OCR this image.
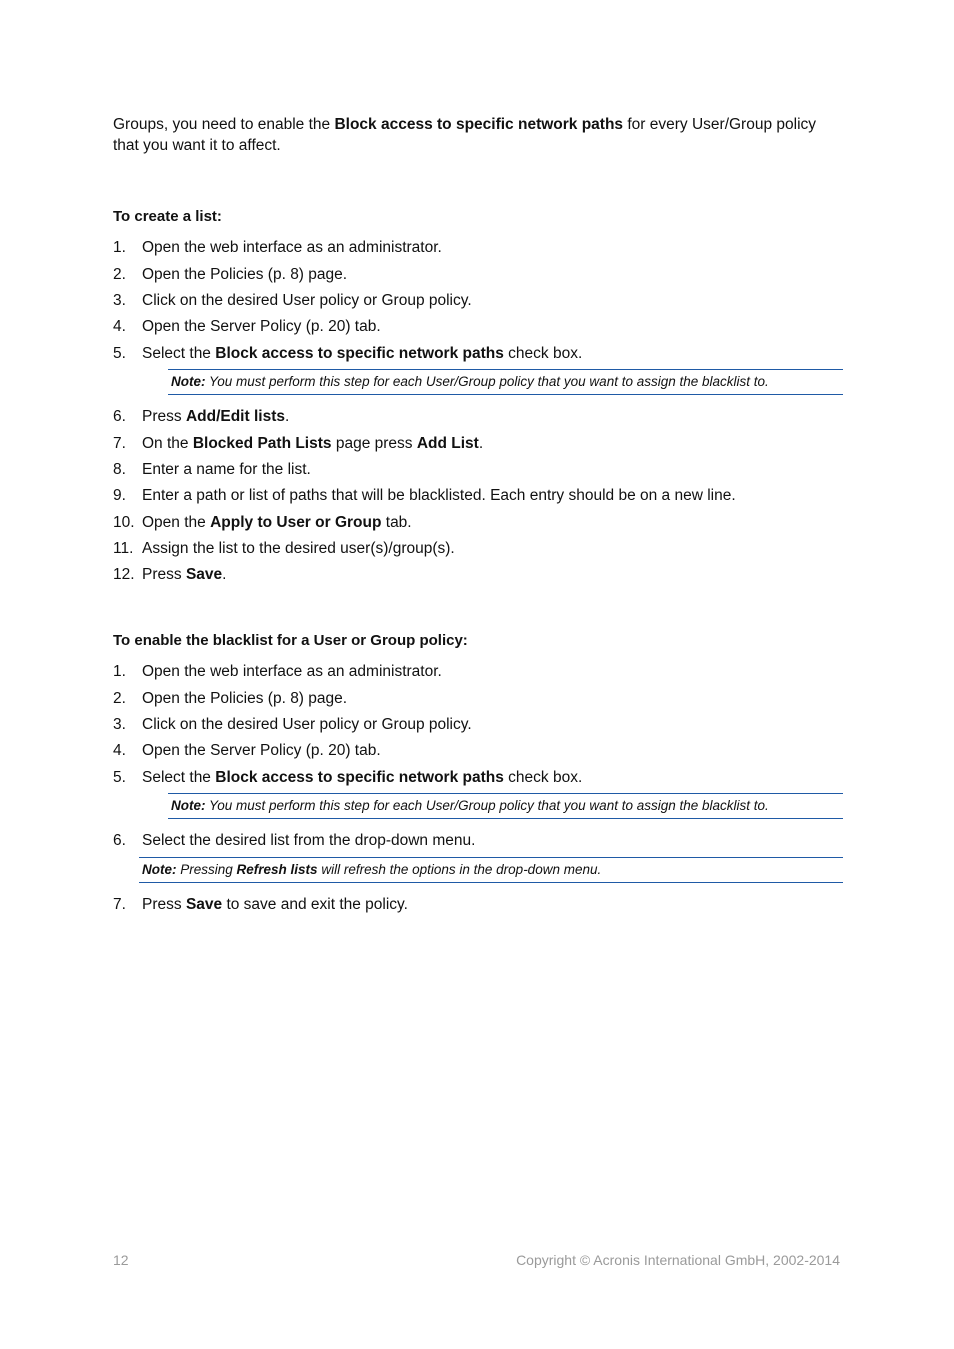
Groups, you need to enable the Block access to specific network paths for every User/Group policy
that you want it to affect.
To create a list:
1.	Open the web interface as an administrator.
2.	Open the Policies (p. 8) page.
3.	Click on the desired User policy or Group policy.
4.	Open the Server Policy (p. 20) tab.
5.	Select the Block access to specific network paths check box.
Note: You must perform this step for each User/Group policy that you want to assign the blacklist to.
6.	Press Add/Edit lists.
7.	On the Blocked Path Lists page press Add List.
8.	Enter a name for the list.
9.	Enter a path or list of paths that will be blacklisted. Each entry should be on a new line.
10. Open the Apply to User or Group tab.
11. Assign the list to the desired user(s)/group(s).
12. Press Save.
To enable the blacklist for a User or Group policy:
1.	Open the web interface as an administrator.
2.	Open the Policies (p. 8) page.
3.	Click on the desired User policy or Group policy.
4.	Open the Server Policy (p. 20) tab.
5.	Select the Block access to specific network paths check box.
Note: You must perform this step for each User/Group policy that you want to assign the blacklist to.
6.	Select the desired list from the drop-down menu.
Note: Pressing Refresh lists will refresh the options in the drop-down menu.
7.	Press Save to save and exit the policy.
12	Copyright © Acronis International GmbH, 2002-2014
